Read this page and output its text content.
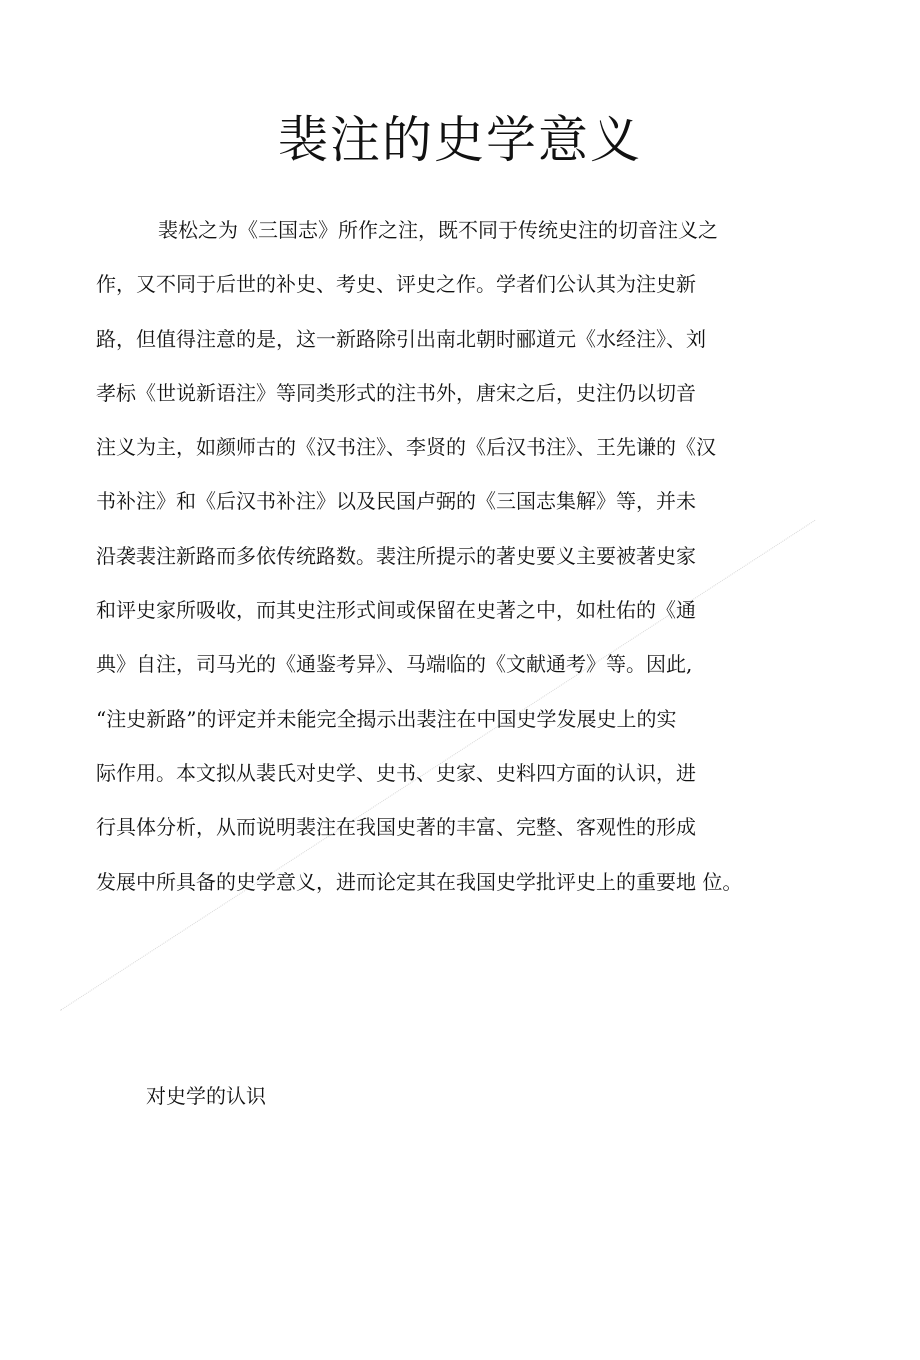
裴注的史学意义
裴松之为《三国志》所作之注，既不同于传统史注的切音注义之
作，又不同于后世的补史、考史、评史之作。学者们公认其为注史新
路，但值得注意的是，这一新路除引出南北朝时郦道元《水经注》、刘
孝标《世说新语注》等同类形式的注书外，唐宋之后，史注仍以切音
注义为主，如颜师古的《汉书注》、李贤的《后汉书注》、王先谦的《汉
书补注》和《后汉书补注》以及民国卢弼的《三国志集解》等，并未
沿袭裴注新路而多依传统路数。裴注所提示的著史要义主要被著史家
和评史家所吸收，而其史注形式间或保留在史著之中，如杜佑的《通
典》自注，司马光的《通鉴考异》、马端临的《文献通考》等。因此,
“注史新路”的评定并未能完全揭示出裴注在中国史学发展史上的实
际作用。本文拟从裴氏对史学、史书、史家、史料四方面的认识，进
行具体分析，从而说明裴注在我国史著的丰富、完整、客观性的形成
发展中所具备的史学意义，进而论定其在我国史学批评史上的重要地 位。
对史学的认识
